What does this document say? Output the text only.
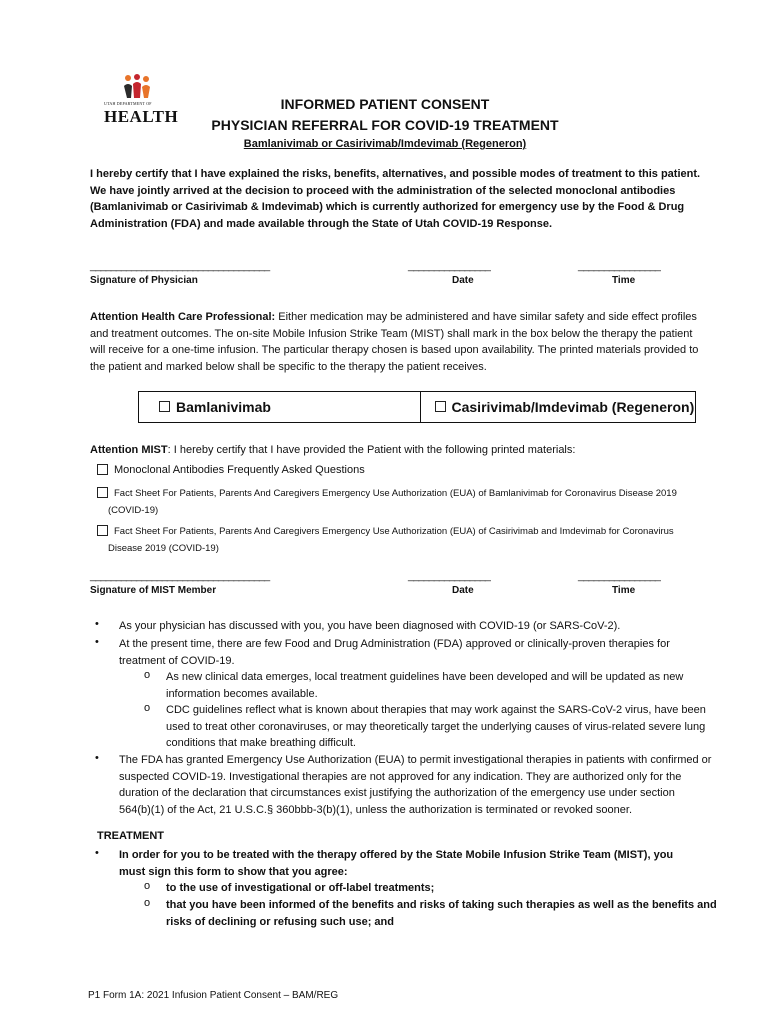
UTAH DEPARTMENT OF
HEALTH
INFORMED PATIENT CONSENT
PHYSICIAN REFERRAL FOR COVID-19 TREATMENT
Bamlanivimab or Casirivimab/Imdevimab (Regeneron)
I hereby certify that I have explained the risks, benefits, alternatives, and possible modes of treatment to this patient.
We have jointly arrived at the decision to proceed with the administration of the selected monoclonal antibodies
(Bamlanivimab or Casirivimab & Imdevimab) which is currently authorized for emergency use by the Food & Drug
Administration (FDA) and made available through the State of Utah COVID-19 Response.
___________________________________	________________	________________
Signature of Physician	Date	Time
Attention Health Care Professional: Either medication may be administered and have similar safety and side effect profiles
and treatment outcomes. The on-site Mobile Infusion Strike Team (MIST) shall mark in the box below the therapy the patient
will receive for a one-time infusion. The particular therapy chosen is based upon availability. The printed materials provided to
the patient and marked below shall be specific to the therapy the patient receives.
Bamlanivimab	Casirivimab/Imdevimab (Regeneron)
Attention MIST: I hereby certify that I have provided the Patient with the following printed materials:
Monoclonal Antibodies Frequently Asked Questions
Fact Sheet For Patients, Parents And Caregivers Emergency Use Authorization (EUA) of Bamlanivimab for Coronavirus Disease 2019
(COVID-19)
Fact Sheet For Patients, Parents And Caregivers Emergency Use Authorization (EUA) of Casirivimab and Imdevimab for Coronavirus
Disease 2019 (COVID-19)
___________________________________	________________	________________
Signature of MIST Member	Date	Time
• As your physician has discussed with you, you have been diagnosed with COVID-19 (or SARS-CoV-2).
• At the present time, there are few Food and Drug Administration (FDA) approved or clinically-proven therapies for
treatment of COVID-19.
o As new clinical data emerges, local treatment guidelines have been developed and will be updated as new
information becomes available.
o CDC guidelines reflect what is known about therapies that may work against the SARS-CoV-2 virus, have been
used to treat other coronaviruses, or may theoretically target the underlying causes of virus-related severe lung
conditions that make breathing difficult.
• The FDA has granted Emergency Use Authorization (EUA) to permit investigational therapies in patients with confirmed or
suspected COVID-19. Investigational therapies are not approved for any indication. They are authorized only for the
duration of the declaration that circumstances exist justifying the authorization of the emergency use under section
564(b)(1) of the Act, 21 U.S.C.§ 360bbb-3(b)(1), unless the authorization is terminated or revoked sooner.
TREATMENT
• In order for you to be treated with the therapy offered by the State Mobile Infusion Strike Team (MIST), you
must sign this form to show that you agree:
o to the use of investigational or off-label treatments;
o that you have been informed of the benefits and risks of taking such therapies as well as the benefits and
risks of declining or refusing such use; and
P1 Form 1A: 2021 Infusion Patient Consent – BAM/REG
